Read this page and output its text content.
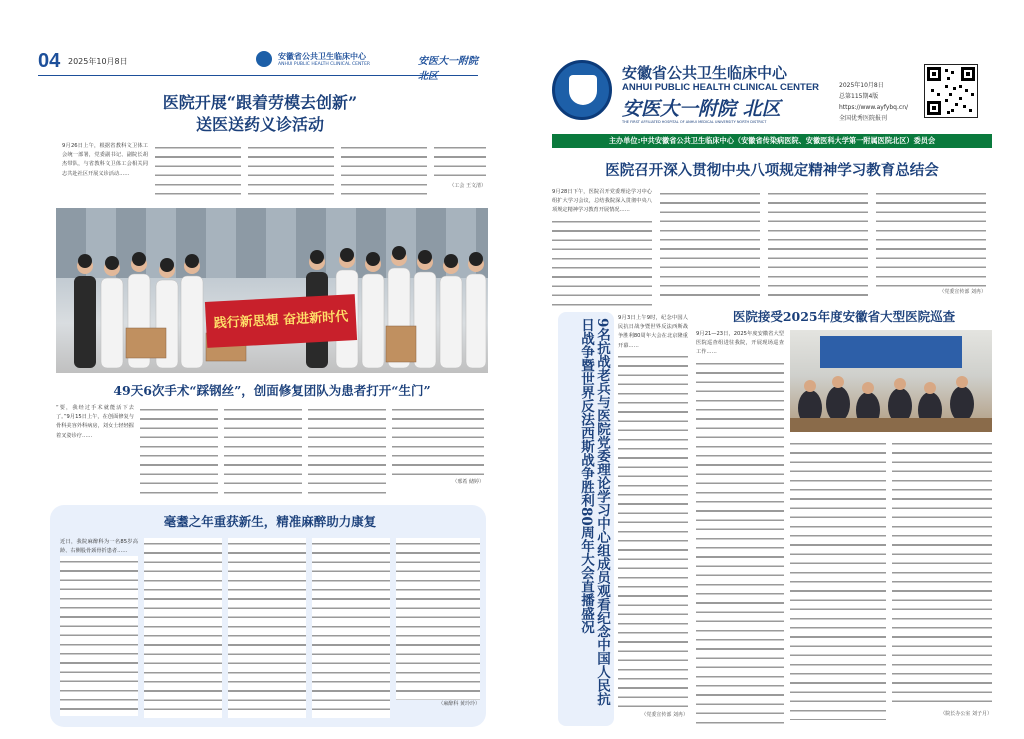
04 2025年10月8日
安徽省公共卫生临床中心
ANHUI PUBLIC HEALTH CLINICAL CENTER	安医大一附院 北区
医院开展“跟着劳模去创新”
送医送药义诊活动
9月26日上午，根据省教科文卫体工会统一部署，党委副书记、副院长胡杰带队，与省教科文卫体工会相关同志共赴社区开展义诊活动……
（工会 王文清）
践行新思想 奋进新时代
49天6次手术“踩钢丝”，创面修复团队为患者打开“生门”
“要，我经过手术就能活下去了。”9月15日上午，在创面修复与骨科美容外科病房，刘女士轻轻握着叉姿诊疗……
（邢希 储婷）
毫耋之年重获新生，精准麻醉助力康复
近日，我院麻醉科为一名85岁高龄、右侧股骨颈骨折患者……
（麻醉科 黄玲玲）
安徽省公共卫生临床中心
ANHUI PUBLIC HEALTH CLINICAL CENTER
安医大一附院 北区
THE FIRST AFFILIATED HOSPITAL OF ANHUI MEDICAL UNIVERSITY NORTH DISTRICT
2025年10月8日
总第115期4版
https://www.ayfybq.cn/
全国优秀医院报刊
主办单位:中共安徽省公共卫生临床中心（安徽省传染病医院、安徽医科大学第一附属医院北区）委员会
医院召开深入贯彻中央八项规定精神学习教育总结会
9月28日下午，医院召开党委理论学习中心组扩大学习会议，总结我院深入贯彻中央八项规定精神学习教育开展情况……
（党委宣传部 刘冉）
9名抗战老兵与医院党委理论学习中心组成员观看纪念中国人民抗日战争暨世界反法西斯战争胜利80周年大会直播盛况	9月3日上午9时，纪念中国人民抗日战争暨世界反法西斯战争胜利80周年大会在北京隆重开幕……
（党委宣传部 刘冉）
医院接受2025年度安徽省大型医院巡查
9月21—23日，2025年度安徽省大型医院巡查组进驻我院，开展现场巡查工作……
（院长办公室 刘子月）
